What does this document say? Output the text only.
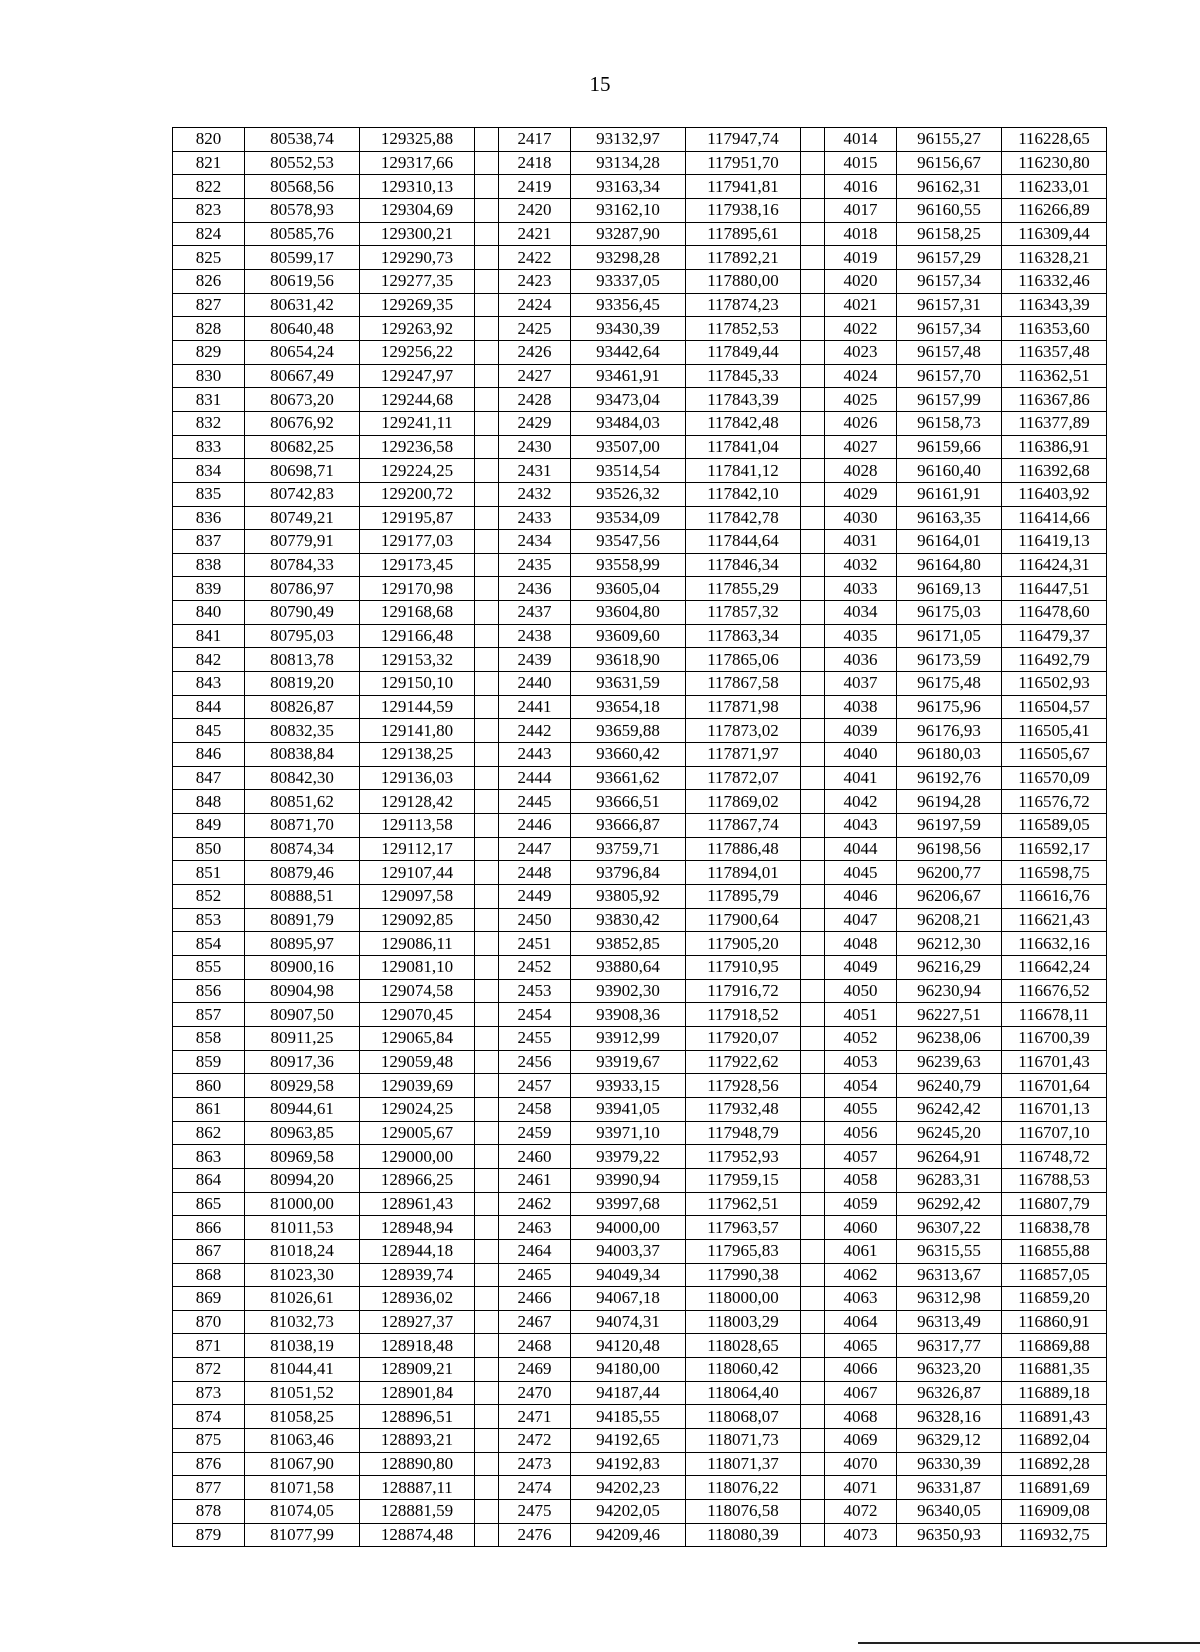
15
820	80538,74	129325,88		2417	93132,97	117947,74		4014	96155,27	116228,65
821	80552,53	129317,66		2418	93134,28	117951,70		4015	96156,67	116230,80
822	80568,56	129310,13		2419	93163,34	117941,81		4016	96162,31	116233,01
823	80578,93	129304,69		2420	93162,10	117938,16		4017	96160,55	116266,89
824	80585,76	129300,21		2421	93287,90	117895,61		4018	96158,25	116309,44
825	80599,17	129290,73		2422	93298,28	117892,21		4019	96157,29	116328,21
826	80619,56	129277,35		2423	93337,05	117880,00		4020	96157,34	116332,46
827	80631,42	129269,35		2424	93356,45	117874,23		4021	96157,31	116343,39
828	80640,48	129263,92		2425	93430,39	117852,53		4022	96157,34	116353,60
829	80654,24	129256,22		2426	93442,64	117849,44		4023	96157,48	116357,48
830	80667,49	129247,97		2427	93461,91	117845,33		4024	96157,70	116362,51
831	80673,20	129244,68		2428	93473,04	117843,39		4025	96157,99	116367,86
832	80676,92	129241,11		2429	93484,03	117842,48		4026	96158,73	116377,89
833	80682,25	129236,58		2430	93507,00	117841,04		4027	96159,66	116386,91
834	80698,71	129224,25		2431	93514,54	117841,12		4028	96160,40	116392,68
835	80742,83	129200,72		2432	93526,32	117842,10		4029	96161,91	116403,92
836	80749,21	129195,87		2433	93534,09	117842,78		4030	96163,35	116414,66
837	80779,91	129177,03		2434	93547,56	117844,64		4031	96164,01	116419,13
838	80784,33	129173,45		2435	93558,99	117846,34		4032	96164,80	116424,31
839	80786,97	129170,98		2436	93605,04	117855,29		4033	96169,13	116447,51
840	80790,49	129168,68		2437	93604,80	117857,32		4034	96175,03	116478,60
841	80795,03	129166,48		2438	93609,60	117863,34		4035	96171,05	116479,37
842	80813,78	129153,32		2439	93618,90	117865,06		4036	96173,59	116492,79
843	80819,20	129150,10		2440	93631,59	117867,58		4037	96175,48	116502,93
844	80826,87	129144,59		2441	93654,18	117871,98		4038	96175,96	116504,57
845	80832,35	129141,80		2442	93659,88	117873,02		4039	96176,93	116505,41
846	80838,84	129138,25		2443	93660,42	117871,97		4040	96180,03	116505,67
847	80842,30	129136,03		2444	93661,62	117872,07		4041	96192,76	116570,09
848	80851,62	129128,42		2445	93666,51	117869,02		4042	96194,28	116576,72
849	80871,70	129113,58		2446	93666,87	117867,74		4043	96197,59	116589,05
850	80874,34	129112,17		2447	93759,71	117886,48		4044	96198,56	116592,17
851	80879,46	129107,44		2448	93796,84	117894,01		4045	96200,77	116598,75
852	80888,51	129097,58		2449	93805,92	117895,79		4046	96206,67	116616,76
853	80891,79	129092,85		2450	93830,42	117900,64		4047	96208,21	116621,43
854	80895,97	129086,11		2451	93852,85	117905,20		4048	96212,30	116632,16
855	80900,16	129081,10		2452	93880,64	117910,95		4049	96216,29	116642,24
856	80904,98	129074,58		2453	93902,30	117916,72		4050	96230,94	116676,52
857	80907,50	129070,45		2454	93908,36	117918,52		4051	96227,51	116678,11
858	80911,25	129065,84		2455	93912,99	117920,07		4052	96238,06	116700,39
859	80917,36	129059,48		2456	93919,67	117922,62		4053	96239,63	116701,43
860	80929,58	129039,69		2457	93933,15	117928,56		4054	96240,79	116701,64
861	80944,61	129024,25		2458	93941,05	117932,48		4055	96242,42	116701,13
862	80963,85	129005,67		2459	93971,10	117948,79		4056	96245,20	116707,10
863	80969,58	129000,00		2460	93979,22	117952,93		4057	96264,91	116748,72
864	80994,20	128966,25		2461	93990,94	117959,15		4058	96283,31	116788,53
865	81000,00	128961,43		2462	93997,68	117962,51		4059	96292,42	116807,79
866	81011,53	128948,94		2463	94000,00	117963,57		4060	96307,22	116838,78
867	81018,24	128944,18		2464	94003,37	117965,83		4061	96315,55	116855,88
868	81023,30	128939,74		2465	94049,34	117990,38		4062	96313,67	116857,05
869	81026,61	128936,02		2466	94067,18	118000,00		4063	96312,98	116859,20
870	81032,73	128927,37		2467	94074,31	118003,29		4064	96313,49	116860,91
871	81038,19	128918,48		2468	94120,48	118028,65		4065	96317,77	116869,88
872	81044,41	128909,21		2469	94180,00	118060,42		4066	96323,20	116881,35
873	81051,52	128901,84		2470	94187,44	118064,40		4067	96326,87	116889,18
874	81058,25	128896,51		2471	94185,55	118068,07		4068	96328,16	116891,43
875	81063,46	128893,21		2472	94192,65	118071,73		4069	96329,12	116892,04
876	81067,90	128890,80		2473	94192,83	118071,37		4070	96330,39	116892,28
877	81071,58	128887,11		2474	94202,23	118076,22		4071	96331,87	116891,69
878	81074,05	128881,59		2475	94202,05	118076,58		4072	96340,05	116909,08
879	81077,99	128874,48		2476	94209,46	118080,39		4073	96350,93	116932,75
